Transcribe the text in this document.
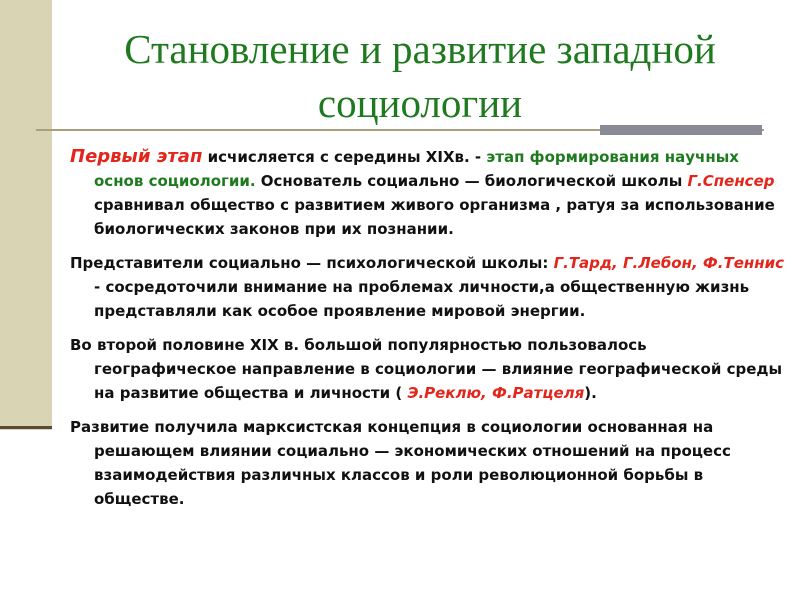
Становление и развитие западной социологии

Первый этап исчисляется с середины XIXв. - этап формирования научных основ социологии. Основатель социально — биологической школы Г.Спенсер сравнивал общество с развитием живого организма , ратуя за использование биологических законов при их познании.

Представители социально — психологической школы: Г.Тард, Г.Лебон, Ф.Теннис - сосредоточили внимание на проблемах личности,а общественную жизнь представляли как особое проявление мировой энергии.

Во второй половине XIX в. большой популярностью пользовалось географическое направление в социологии — влияние географической среды на развитие общества и личности ( Э.Реклю, Ф.Ратцеля).

Развитие получила марксистская концепция в социологии основанная на решающем влиянии социально — экономических отношений на процесс взаимодействия различных классов и роли революционной борьбы в обществе.
